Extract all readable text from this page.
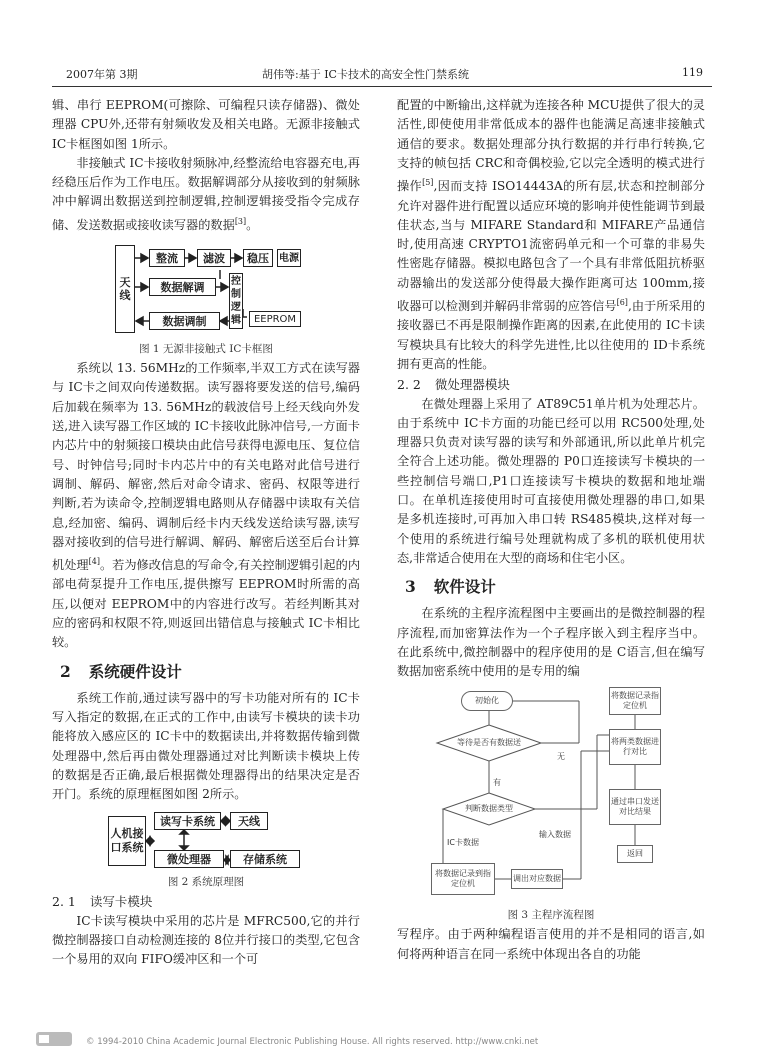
2007年第 3期	胡伟等:基于 IC卡技术的高安全性门禁系统	119

辑、串行 EEPROM(可擦除、可编程只读存储器)、微处理器 CPU外,还带有射频收发及相关电路。无源非接触式 IC卡框图如图 1所示。

非接触式 IC卡接收射频脉冲,经整流给电容器充电,再经稳压后作为工作电压。数据解调部分从接收到的射频脉冲中解调出数据送到控制逻辑,控制逻辑接受指令完成存储、发送数据或接收读写器的数据[3]。

天线
整流	滤波	稳压	电源
数据解调	控制逻辑
数据调制	EEPROM
图 1 无源非接触式 IC卡框图

系统以 13. 56MHz的工作频率,半双工方式在读写器与 IC卡之间双向传递数据。读写器将要发送的信号,编码后加载在频率为 13. 56MHz的载波信号上经天线向外发送,进入读写器工作区域的 IC卡接收此脉冲信号,一方面卡内芯片中的射频接口模块由此信号获得电源电压、复位信号、时钟信号;同时卡内芯片中的有关电路对此信号进行调制、解码、解密,然后对命令请求、密码、权限等进行判断,若为读命令,控制逻辑电路则从存储器中读取有关信息,经加密、编码、调制后经卡内天线发送给读写器,读写器对接收到的信号进行解调、解码、解密后送至后台计算机处理[4]。若为修改信息的写命令,有关控制逻辑引起的内部电荷泵提升工作电压,提供擦写 EEPROM时所需的高压,以便对 EEPROM中的内容进行改写。若经判断其对应的密码和权限不符,则返回出错信息与接触式 IC卡相比较。

2 系统硬件设计

系统工作前,通过读写器中的写卡功能对所有的 IC卡写入指定的数据,在正式的工作中,由读写卡模块的读卡功能将放入感应区的 IC卡中的数据读出,并将数据传输到微处理器中,然后再由微处理器通过对比判断读卡模块上传的数据是否正确,最后根据微处理器得出的结果决定是否开门。系统的原理框图如图 2所示。

人机接口系统
读写卡系统	天线
微处理器	存储系统
图 2 系统原理图
2. 1 读写卡模块

IC卡读写模块中采用的芯片是 MFRC500,它的并行微控制器接口自动检测连接的 8位并行接口的类型,它包含一个易用的双向 FIFO缓冲区和一个可

配置的中断输出,这样就为连接各种 MCU提供了很大的灵活性,即使使用非常低成本的器件也能满足高速非接触式通信的要求。数据处理部分执行数据的并行串行转换,它支持的帧包括 CRC和奇偶校验,它以完全透明的模式进行操作[5],因而支持 ISO14443A的所有层,状态和控制部分允许对器件进行配置以适应环境的影响并使性能调节到最佳状态,当与 MIFARE Standard和 MIFARE产品通信时,使用高速 CRYPTO1流密码单元和一个可靠的非易失性密匙存储器。模拟电路包含了一个具有非常低阻抗桥驱动器输出的发送部分使得最大操作距离可达 100mm,接收器可以检测到并解码非常弱的应答信号[6],由于所采用的接收器已不再是限制操作距离的因素,在此使用的 IC卡读写模块具有比较大的科学先进性,比以往使用的 ID卡系统拥有更高的性能。

2. 2 微处理器模块

在微处理器上采用了 AT89C51单片机为处理芯片。由于系统中 IC卡方面的功能已经可以用 RC500处理,处理器只负责对读写器的读写和外部通讯,所以此单片机完全符合上述功能。微处理器的 P0口连接读写卡模块的一些控制信号端口,P1口连接读写卡模块的数据和地址端口。在单机连接使用时可直接使用微处理器的串口,如果是多机连接时,可再加入串口转 RS485模块,这样对每一个使用的系统进行编号处理就构成了多机的联机使用状态,非常适合使用在大型的商场和住宅小区。

3 软件设计

在系统的主程序流程图中主要画出的是微控制器的程序流程,而加密算法作为一个子程序嵌入到主程序当中。在此系统中,微控制器中的程序使用的是 C语言,但在编写数据加密系统中使用的是专用的编

初始化
等待是否有数据送
无
有
判断数据类型
IC卡数据
输入数据
将数据记录到指定位机
调出对应数据
将数据记录指定位机
将两类数据进行对比
通过串口发送对比结果
返回
图 3 主程序流程图

写程序。由于两种编程语言使用的并不是相同的语言,如何将两种语言在同一系统中体现出各自的功能

© 1994-2010 China Academic Journal Electronic Publishing House. All rights reserved. http://www.cnki.net
